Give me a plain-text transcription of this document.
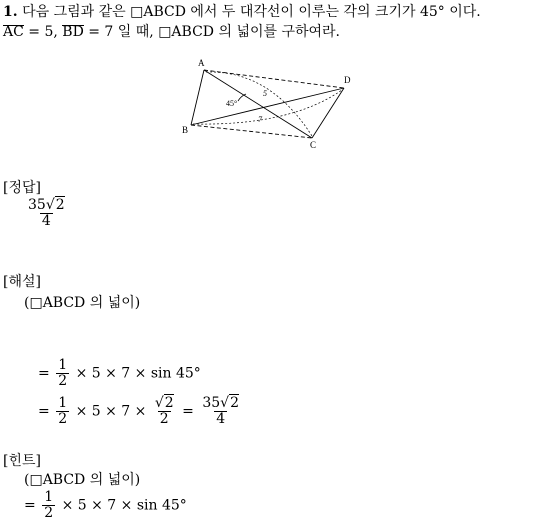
1. 다음 그림과 같은 □ABCD 에서 두 대각선이 이루는 각의 크기가 45° 이다.
AC = 5, BD = 7 일 때, □ABCD 의 넓이를 구하여라.
A
B
C
D
45°
5
7
[정답]
$\frac{35√2}{4}$
[해설]
(□ABCD 의 넓이)
= $\frac{1}{2} \times 5 \times 7 \times \sin 45^\circ$
= $\frac{1}{2} \times 5 \times 7 \times \frac{√2}{2} = \frac{35√2}{4}$
[힌트]
(□ABCD 의 넓이)
= $\frac{1}{2} \times 5 \times 7 \times \sin 45^\circ$
